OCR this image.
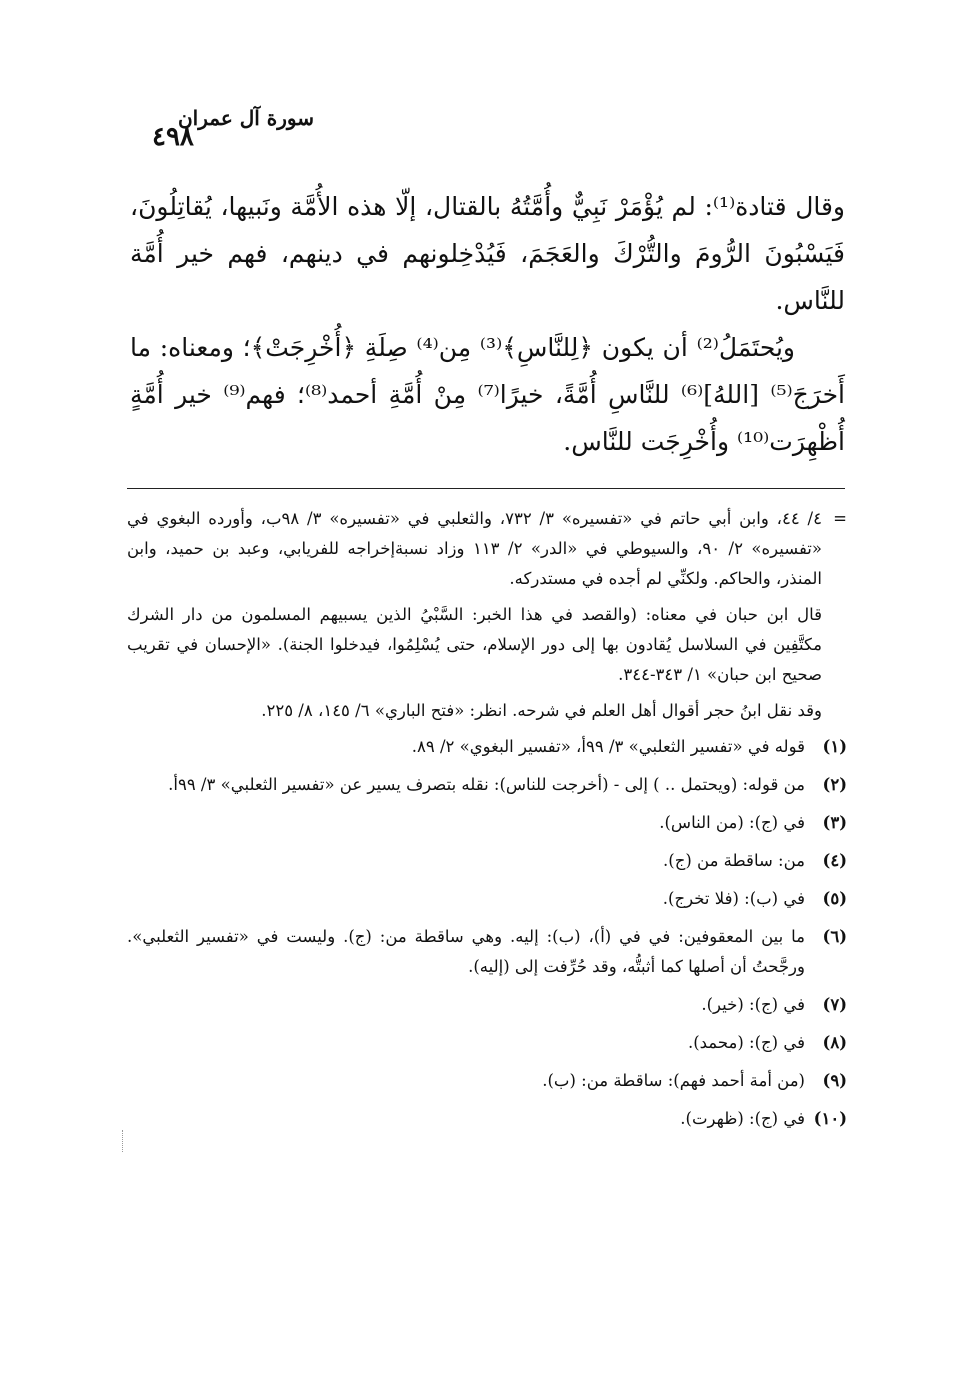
٤٩٨
سورة آل عمران

وقال قتادة⁽¹⁾: لم يُؤْمَرْ نَبِيٌّ وأُمَّتُهُ بالقتال، إلّا هذه الأُمَّة ونَبيها، يُقاتِلُونَ، فَيَسْبُونَ الرُّومَ والتُّرْكَ والعَجَمَ، فَيُدْخِلونهم في دينهم، فهم خير أُمَّة للنَّاس.

ويُحتَمَلُ⁽²⁾ أن يكون ﴿لِلنَّاسِ﴾⁽³⁾ مِن⁽⁴⁾ صِلَةِ ﴿أُخْرِجَتْ﴾؛ ومعناه: ما أَخرَجَ⁽⁵⁾ [اللهُ]⁽⁶⁾ للنَّاسِ أُمَّةً، خيرًا⁽⁷⁾ مِنْ أُمَّةِ أحمد⁽⁸⁾؛ فهم⁽⁹⁾ خير أُمَّةٍ أُظْهِرَت⁽¹⁰⁾ وأُخْرِجَت للنَّاس.

=
٤/ ٤٤، وابن أبي حاتم في «تفسيره» ٣/ ٧٣٢، والثعلبي في «تفسيره» ٣/ ٩٨ب، وأورده البغوي في «تفسيره» ٢/ ٩٠، والسيوطي في «الدر» ٢/ ١١٣ وزاد نسبةإخراجه للفريابي، وعبد بن حميد، وابن المنذر، والحاكم. ولكنِّي لم أجده في مستدركه.

قال ابن حبان في معناه: (والقصد في هذا الخبر: السَّبْيُ الذين يسبيهم المسلمون من دار الشرك مكتَّفِين في السلاسل يُقادون بها إلى دور الإسلام، حتى يُسْلِمُوا، فيدخلوا الجنة). «الإحسان في تقريب صحيح ابن حبان» ١/ ٣٤٣-٣٤٤.

وقد نقل ابنُ حجر أقوال أهل العلم في شرحه. انظر: «فتح الباري» ٦/ ١٤٥، ٨/ ٢٢٥.

(١)
قوله في «تفسير الثعلبي» ٣/ ٩٩أ، «تفسير البغوي» ٢/ ٨٩.
(٢)
من قوله: (ويحتمل .. ) إلى - (أخرجت للناس): نقله بتصرف يسير عن «تفسير الثعلبي» ٣/ ٩٩أ.
(٣)
في (ج): (من الناس).
(٤)
من: ساقطة من (ج).
(٥)
في (ب): (فلا تخرج).
(٦)
ما بين المعقوفين: في في (أ)، (ب): إليه. وهي ساقطة من: (ج). وليست في «تفسير الثعلبي». ورجَّحتُ أن أصلها كما أثبتُّه، وقد حُرِّفت إلى (إليه).
(٧)
في (ج): (خير).
(٨)
في (ج): (محمد).
(٩)
(من أمة أحمد فهم): ساقطة من: (ب).
(١٠)
في (ج): (ظهرت).
